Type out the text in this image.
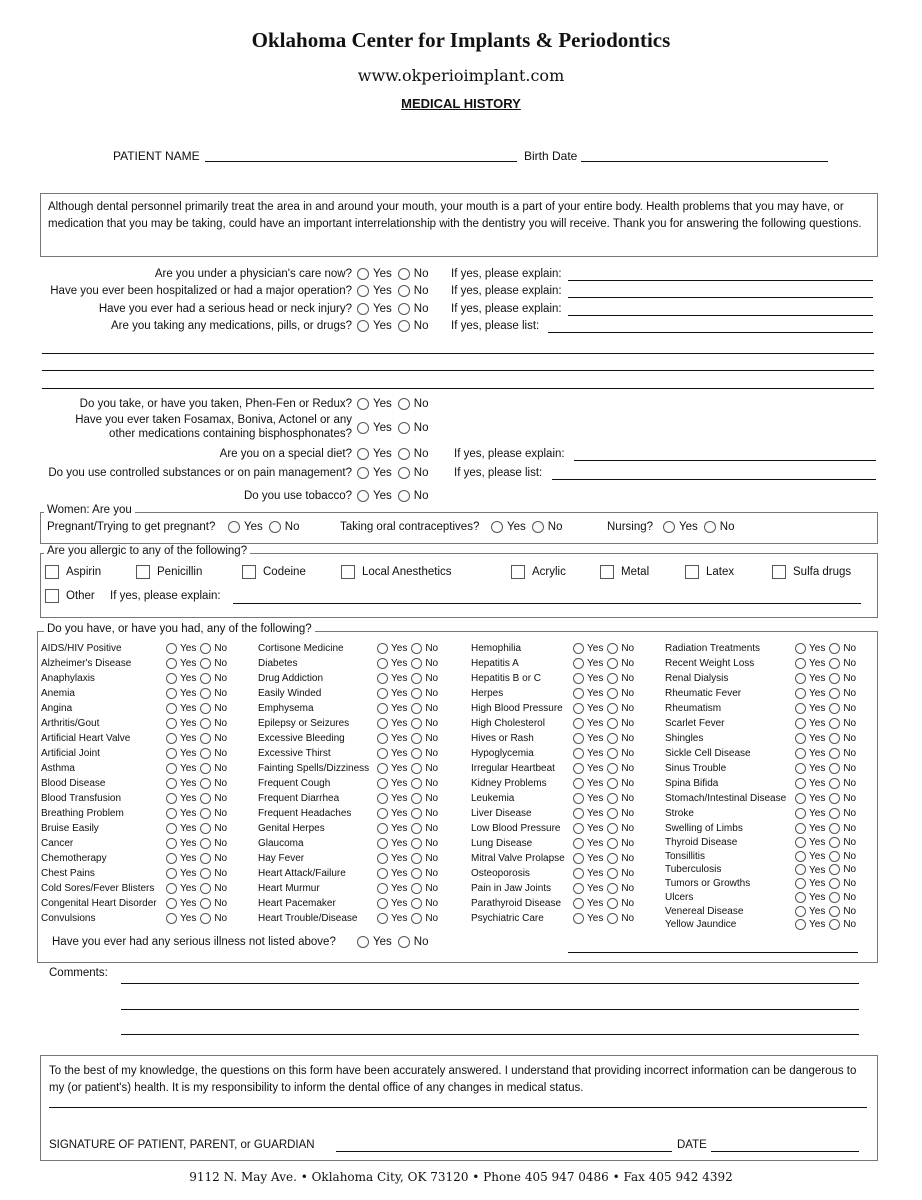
Oklahoma Center for Implants & Periodontics
www.okperioimplant.com
MEDICAL HISTORY
PATIENT NAME	Birth Date
Although dental personnel primarily treat the area in and around your mouth, your mouth is a part of your entire body. Health problems that you may have, or medication that you may be taking, could have an important interrelationship with the dentistry you will receive. Thank you for answering the following questions.
Are you under a physician's care now?	Yes No If yes, please explain:
Have you ever been hospitalized or had a major operation?	Yes No If yes, please explain:
Have you ever had a serious head or neck injury?	Yes No If yes, please explain:
Are you taking any medications, pills, or drugs?	Yes No If yes, please list:
Do you take, or have you taken, Phen-Fen or Redux?	Yes No
Have you ever taken Fosamax, Boniva, Actonel or any
other medications containing bisphosphonates?	Yes No
Are you on a special diet?	Yes No If yes, please explain:
Do you use controlled substances or on pain management?	Yes No If yes, please list:
Do you use tobacco?	Yes No
Women: Are you
Pregnant/Trying to get pregnant?	Yes No	Taking oral contraceptives?	Yes No	Nursing?	Yes No
Are you allergic to any of the following?
Aspirin	Penicillin	Codeine	Local Anesthetics	Acrylic	Metal	Latex	Sulfa drugs
Other If yes, please explain:
Do you have, or have you had, any of the following?
AIDS/HIV Positive	Yes No
Alzheimer's Disease	Yes No
Anaphylaxis	Yes No
Anemia	Yes No
Angina	Yes No
Arthritis/Gout	Yes No
Artificial Heart Valve	Yes No
Artificial Joint	Yes No
Asthma	Yes No
Blood Disease	Yes No
Blood Transfusion	Yes No
Breathing Problem	Yes No
Bruise Easily	Yes No
Cancer	Yes No
Chemotherapy	Yes No
Chest Pains	Yes No
Cold Sores/Fever Blisters	Yes No
Congenital Heart Disorder	Yes No
Convulsions	Yes No
Cortisone Medicine	Yes No
Diabetes	Yes No
Drug Addiction	Yes No
Easily Winded	Yes No
Emphysema	Yes No
Epilepsy or Seizures	Yes No
Excessive Bleeding	Yes No
Excessive Thirst	Yes No
Fainting Spells/Dizziness	Yes No
Frequent Cough	Yes No
Frequent Diarrhea	Yes No
Frequent Headaches	Yes No
Genital Herpes	Yes No
Glaucoma	Yes No
Hay Fever	Yes No
Heart Attack/Failure	Yes No
Heart Murmur	Yes No
Heart Pacemaker	Yes No
Heart Trouble/Disease	Yes No
Hemophilia	Yes No
Hepatitis A	Yes No
Hepatitis B or C	Yes No
Herpes	Yes No
High Blood Pressure	Yes No
High Cholesterol	Yes No
Hives or Rash	Yes No
Hypoglycemia	Yes No
Irregular Heartbeat	Yes No
Kidney Problems	Yes No
Leukemia	Yes No
Liver Disease	Yes No
Low Blood Pressure	Yes No
Lung Disease	Yes No
Mitral Valve Prolapse	Yes No
Osteoporosis	Yes No
Pain in Jaw Joints	Yes No
Parathyroid Disease	Yes No
Psychiatric Care	Yes No
Radiation Treatments	Yes No
Recent Weight Loss	Yes No
Renal Dialysis	Yes No
Rheumatic Fever	Yes No
Rheumatism	Yes No
Scarlet Fever	Yes No
Shingles	Yes No
Sickle Cell Disease	Yes No
Sinus Trouble	Yes No
Spina Bifida	Yes No
Stomach/Intestinal Disease	Yes No
Stroke	Yes No
Swelling of Limbs	Yes No
Thyroid Disease	Yes No
Tonsillitis	Yes No
Tuberculosis	Yes No
Tumors or Growths	Yes No
Ulcers	Yes No
Venereal Disease	Yes No
Yellow Jaundice	Yes No
Have you ever had any serious illness not listed above?	Yes No
Comments:
To the best of my knowledge, the questions on this form have been accurately answered. I understand that providing incorrect information can be dangerous to my (or patient's) health. It is my responsibility to inform the dental office of any changes in medical status.
SIGNATURE OF PATIENT, PARENT, or GUARDIAN	DATE
9112 N. May Ave. • Oklahoma City, OK 73120 • Phone 405 947 0486 • Fax 405 942 4392
